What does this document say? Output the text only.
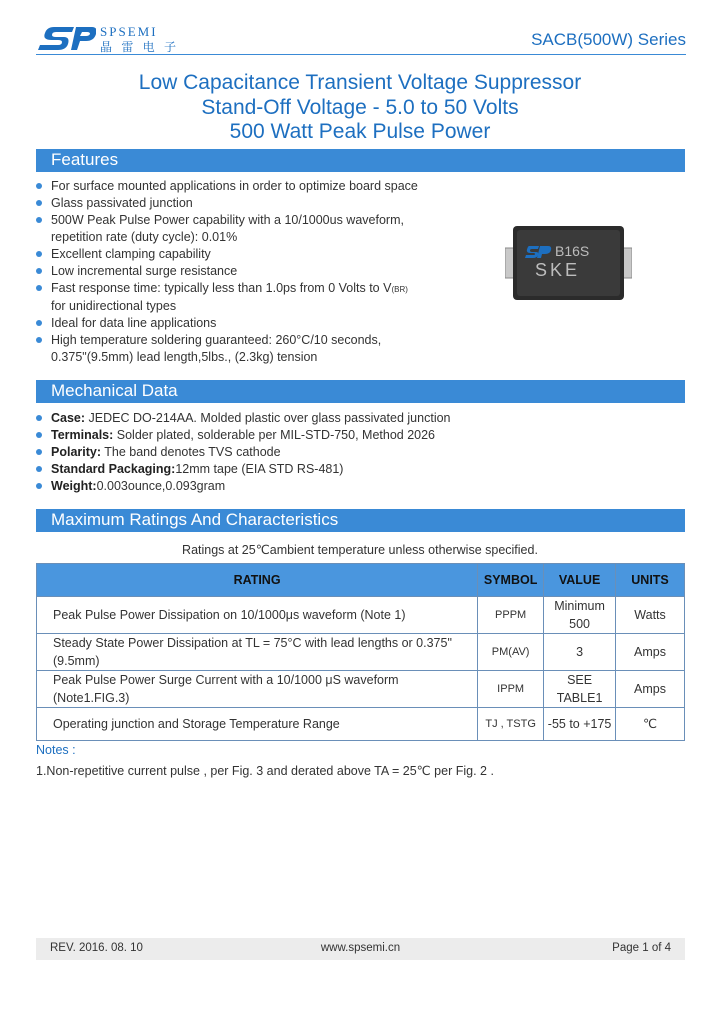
SPSEMI
晶 雷 电 子	SACB(500W) Series
Low Capacitance Transient Voltage Suppressor
Stand-Off Voltage - 5.0 to 50 Volts
500 Watt Peak Pulse Power
Features
For surface mounted applications in order to optimize board space
Glass passivated junction
500W Peak Pulse Power capability with a 10/1000us waveform,
repetition rate (duty cycle): 0.01%
Excellent clamping capability
Low incremental surge resistance
Fast response time: typically less than 1.0ps from 0 Volts to V(BR)
for unidirectional types
Ideal for data line applications
High temperature soldering guaranteed: 260°C/10 seconds,
0.375"(9.5mm) lead length,5lbs., (2.3kg) tension
B16S
SKE
Mechanical Data
Case: JEDEC DO-214AA. Molded plastic over glass passivated junction
Terminals: Solder plated, solderable per MIL-STD-750, Method 2026
Polarity: The band denotes TVS cathode
Standard Packaging:12mm tape (EIA STD RS-481)
Weight:0.003ounce,0.093gram
Maximum Ratings And Characteristics
Ratings at 25℃ambient temperature unless otherwise specified.
RATING	SYMBOL	VALUE	UNITS
Peak Pulse Power Dissipation on 10/1000μs waveform (Note 1)	PPPM	Minimum 500	Watts
Steady State Power Dissipation at TL = 75°C with lead lengths or 0.375" (9.5mm)	PM(AV)	3	Amps
Peak Pulse Power Surge Current with a 10/1000 μS waveform (Note1.FIG.3)	IPPM	SEE TABLE1	Amps
Operating junction and Storage Temperature Range	TJ , TSTG	-55 to +175	℃
Notes :
1.Non-repetitive current pulse , per Fig. 3 and derated above TA = 25℃ per Fig. 2 .
REV. 2016. 08. 10	www.spsemi.cn	Page 1 of 4
